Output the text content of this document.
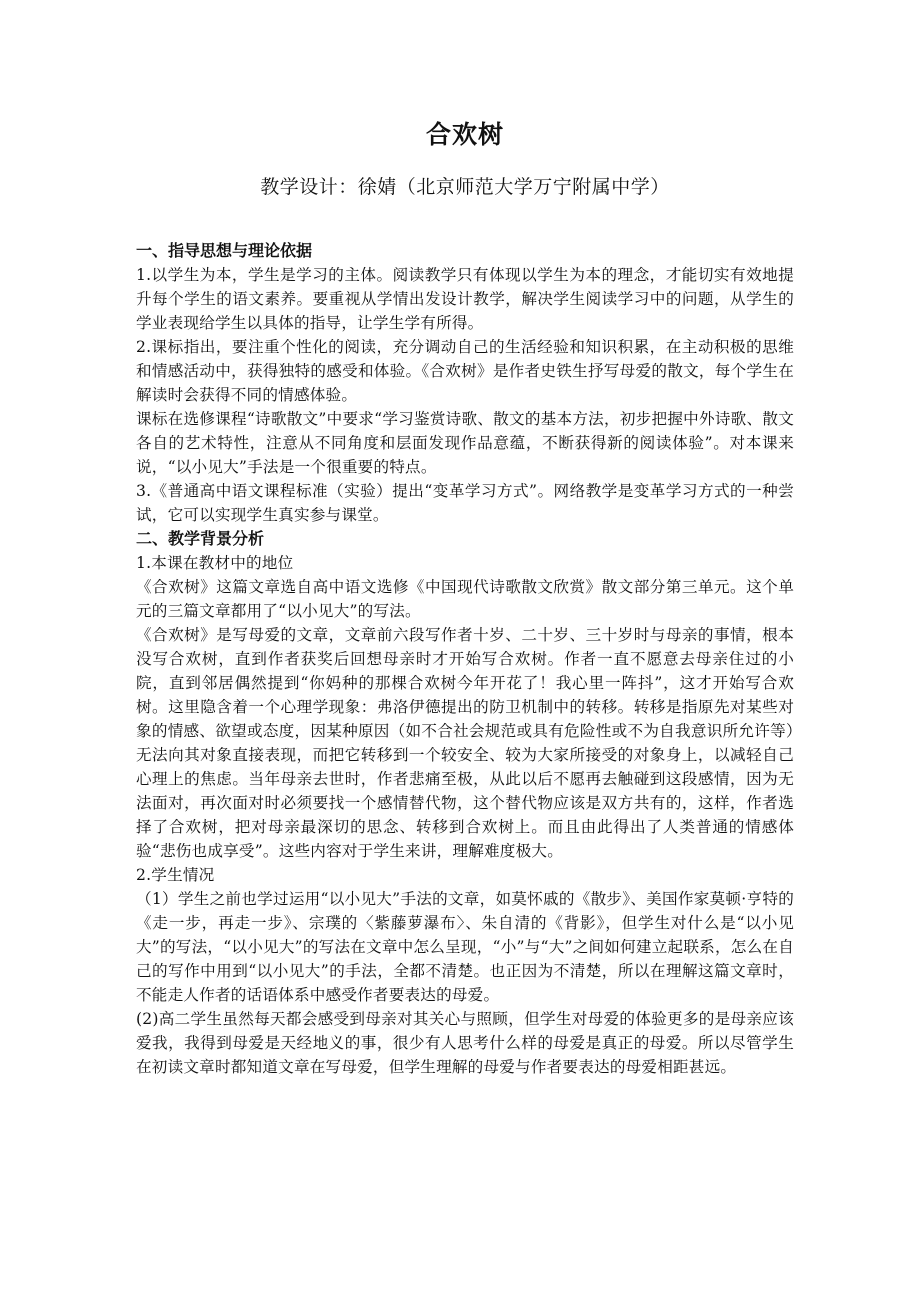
合欢树
教学设计：徐婧（北京师范大学万宁附属中学）
一、指导思想与理论依据

1.以学生为本，学生是学习的主体。阅读教学只有体现以学生为本的理念，才能切实有效地提升每个学生的语文素养。要重视从学情出发设计教学，解决学生阅读学习中的问题，从学生的学业表现给学生以具体的指导，让学生学有所得。

2.课标指出，要注重个性化的阅读，充分调动自己的生活经验和知识积累，在主动积极的思维和情感活动中，获得独特的感受和体验。《合欢树》是作者史铁生抒写母爱的散文，每个学生在解读时会获得不同的情感体验。

课标在选修课程“诗歌散文”中要求“学习鉴赏诗歌、散文的基本方法，初步把握中外诗歌、散文各自的艺术特性，注意从不同角度和层面发现作品意蕴，不断获得新的阅读体验”。对本课来说，“以小见大”手法是一个很重要的特点。

3.《普通高中语文课程标准（实验）提出“变革学习方式”。网络教学是变革学习方式的一种尝试，它可以实现学生真实参与课堂。

二、教学背景分析

1.本课在教材中的地位

《合欢树》这篇文章选自高中语文选修《中国现代诗歌散文欣赏》散文部分第三单元。这个单元的三篇文章都用了“以小见大”的写法。

《合欢树》是写母爱的文章，文章前六段写作者十岁、二十岁、三十岁时与母亲的事情，根本没写合欢树，直到作者获奖后回想母亲时才开始写合欢树。作者一直不愿意去母亲住过的小院，直到邻居偶然提到“你妈种的那棵合欢树今年开花了！我心里一阵抖”，这才开始写合欢树。这里隐含着一个心理学现象：弗洛伊德提出的防卫机制中的转移。转移是指原先对某些对象的情感、欲望或态度，因某种原因（如不合社会规范或具有危险性或不为自我意识所允许等）无法向其对象直接表现，而把它转移到一个较安全、较为大家所接受的对象身上，以减轻自己心理上的焦虑。当年母亲去世时，作者悲痛至极，从此以后不愿再去触碰到这段感情，因为无法面对，再次面对时必须要找一个感情替代物，这个替代物应该是双方共有的，这样，作者选择了合欢树，把对母亲最深切的思念、转移到合欢树上。而且由此得出了人类普通的情感体验“悲伤也成享受”。这些内容对于学生来讲，理解难度极大。

2.学生情况

（1）学生之前也学过运用“以小见大”手法的文章，如莫怀戚的《散步》、美国作家莫顿·亨特的《走一步，再走一步》、宗璞的〈紫藤萝瀑布〉、朱自清的《背影》，但学生对什么是“以小见大”的写法，“以小见大”的写法在文章中怎么呈现，“小”与“大”之间如何建立起联系，怎么在自己的写作中用到“以小见大”的手法，全都不清楚。也正因为不清楚，所以在理解这篇文章时，不能走人作者的话语体系中感受作者要表达的母爱。

(2)高二学生虽然每天都会感受到母亲对其关心与照顾，但学生对母爱的体验更多的是母亲应该爱我，我得到母爱是天经地义的事，很少有人思考什么样的母爱是真正的母爱。所以尽管学生在初读文章时都知道文章在写母爱，但学生理解的母爱与作者要表达的母爱相距甚远。
